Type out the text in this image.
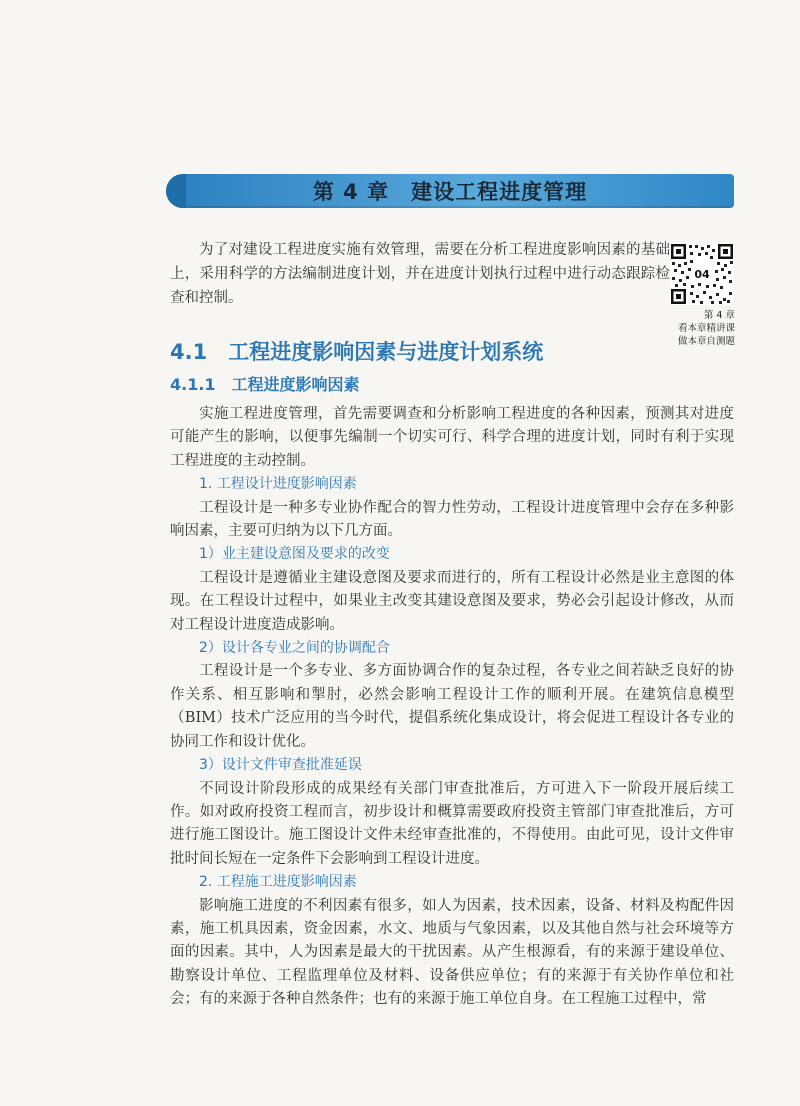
第 4 章　建设工程进度管理

为了对建设工程进度实施有效管理，需要在分析工程进度影响因素的基础上，采用科学的方法编制进度计划，并在进度计划执行过程中进行动态跟踪检查和控制。

04
第 4 章
看本章精讲课
做本章自测题
4.1　工程进度影响因素与进度计划系统
4.1.1　工程进度影响因素

实施工程进度管理，首先需要调查和分析影响工程进度的各种因素，预测其对进度可能产生的影响，以便事先编制一个切实可行、科学合理的进度计划，同时有利于实现工程进度的主动控制。

1. 工程设计进度影响因素

工程设计是一种多专业协作配合的智力性劳动，工程设计进度管理中会存在多种影响因素，主要可归纳为以下几方面。

1）业主建设意图及要求的改变

工程设计是遵循业主建设意图及要求而进行的，所有工程设计必然是业主意图的体现。在工程设计过程中，如果业主改变其建设意图及要求，势必会引起设计修改，从而对工程设计进度造成影响。

2）设计各专业之间的协调配合

工程设计是一个多专业、多方面协调合作的复杂过程，各专业之间若缺乏良好的协作关系、相互影响和掣肘，必然会影响工程设计工作的顺利开展。在建筑信息模型（BIM）技术广泛应用的当今时代，提倡系统化集成设计，将会促进工程设计各专业的协同工作和设计优化。

3）设计文件审查批准延误

不同设计阶段形成的成果经有关部门审查批准后，方可进入下一阶段开展后续工作。如对政府投资工程而言，初步设计和概算需要政府投资主管部门审查批准后，方可进行施工图设计。施工图设计文件未经审查批准的，不得使用。由此可见，设计文件审批时间长短在一定条件下会影响到工程设计进度。

2. 工程施工进度影响因素

影响施工进度的不利因素有很多，如人为因素，技术因素，设备、材料及构配件因素，施工机具因素，资金因素，水文、地质与气象因素，以及其他自然与社会环境等方面的因素。其中，人为因素是最大的干扰因素。从产生根源看，有的来源于建设单位、勘察设计单位、工程监理单位及材料、设备供应单位；有的来源于有关协作单位和社会；有的来源于各种自然条件；也有的来源于施工单位自身。在工程施工过程中，常
